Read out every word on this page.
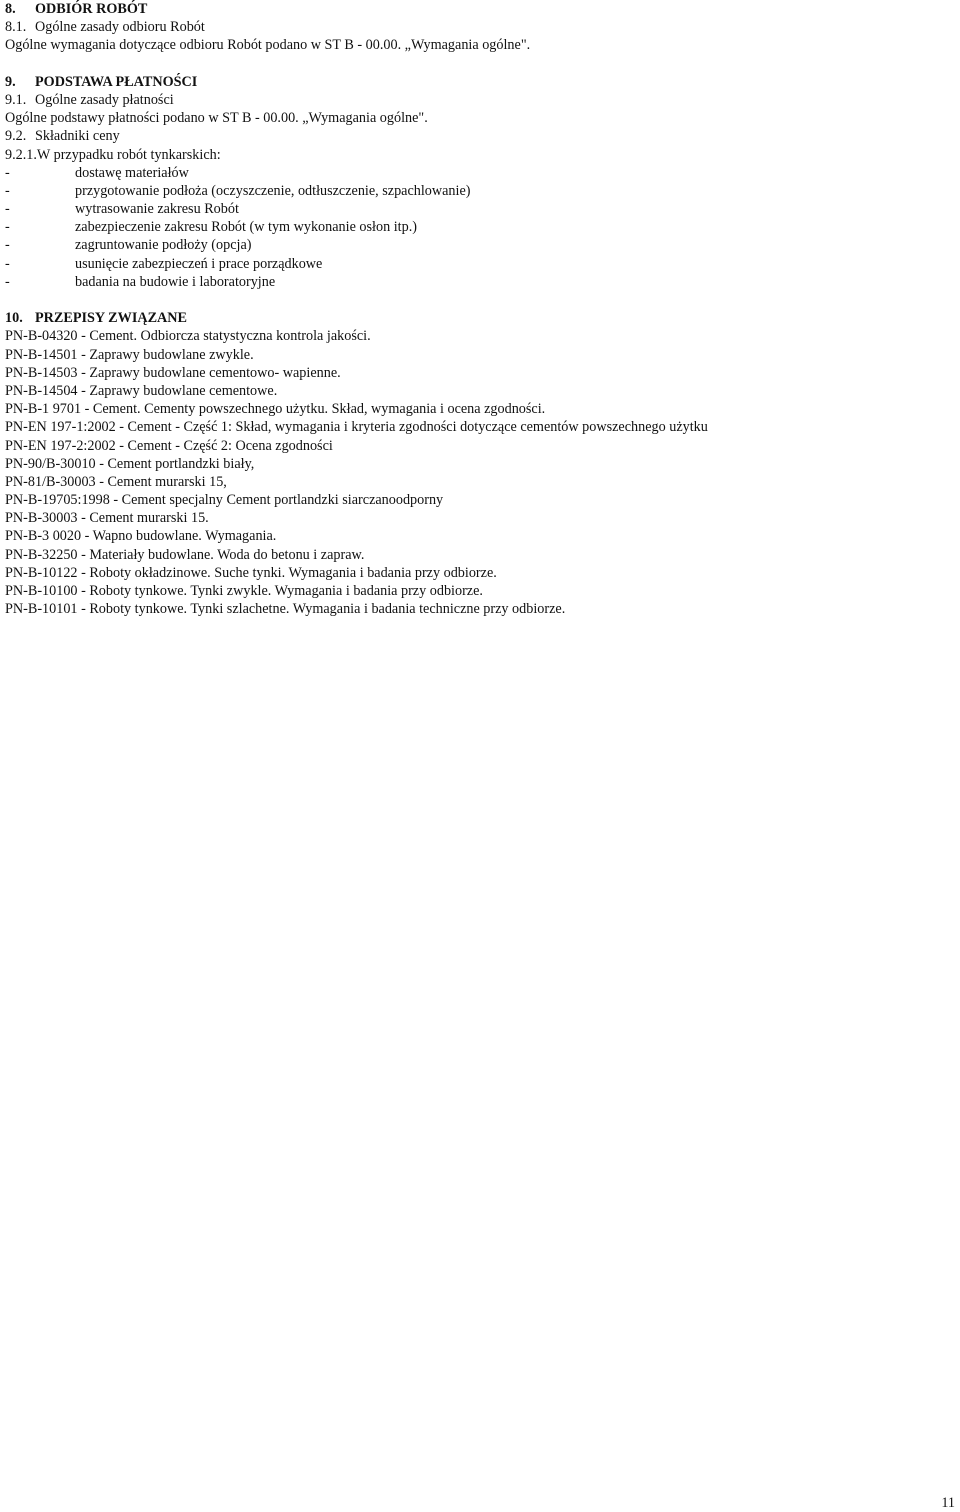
8. ODBIÓR ROBÓT
8.1. Ogólne zasady odbioru Robót
Ogólne wymagania dotyczące odbioru Robót podano w ST B - 00.00. „Wymagania ogólne".
9. PODSTAWA PŁATNOŚCI
9.1. Ogólne zasady płatności
Ogólne podstawy płatności podano w ST B - 00.00. „Wymagania ogólne".
9.2. Składniki ceny
9.2.1.W przypadku robót tynkarskich:
-	dostawę materiałów
-	przygotowanie podłoża (oczyszczenie, odtłuszczenie, szpachlowanie)
-	wytrasowanie zakresu Robót
-	zabezpieczenie zakresu Robót (w tym wykonanie osłon itp.)
-	zagruntowanie podłoży (opcja)
-	usunięcie zabezpieczeń i prace porządkowe
-	badania na budowie i laboratoryjne
10. PRZEPISY ZWIĄZANE
PN-B-04320 - Cement. Odbiorcza statystyczna kontrola jakości.
PN-B-14501 - Zaprawy budowlane zwykle.
PN-B-14503 - Zaprawy budowlane cementowo- wapienne.
PN-B-14504 - Zaprawy budowlane cementowe.
PN-B-1 9701 - Cement. Cementy powszechnego użytku. Skład, wymagania i ocena zgodności.
PN-EN 197-1:2002 - Cement - Część 1: Skład, wymagania i kryteria zgodności dotyczące cementów powszechnego użytku
PN-EN 197-2:2002 - Cement - Część 2: Ocena zgodności
PN-90/B-30010 - Cement portlandzki biały,
PN-81/B-30003 - Cement murarski 15,
PN-B-19705:1998 - Cement specjalny Cement portlandzki siarczanoodporny
PN-B-30003 - Cement murarski 15.
PN-B-3 0020 - Wapno budowlane. Wymagania.
PN-B-32250 - Materiały budowlane. Woda do betonu i zapraw.
PN-B-10122 - Roboty okładzinowe. Suche tynki. Wymagania i badania przy odbiorze.
PN-B-10100 - Roboty tynkowe. Tynki zwykle. Wymagania i badania przy odbiorze.
PN-B-10101 - Roboty tynkowe. Tynki szlachetne. Wymagania i badania techniczne przy odbiorze.
11
